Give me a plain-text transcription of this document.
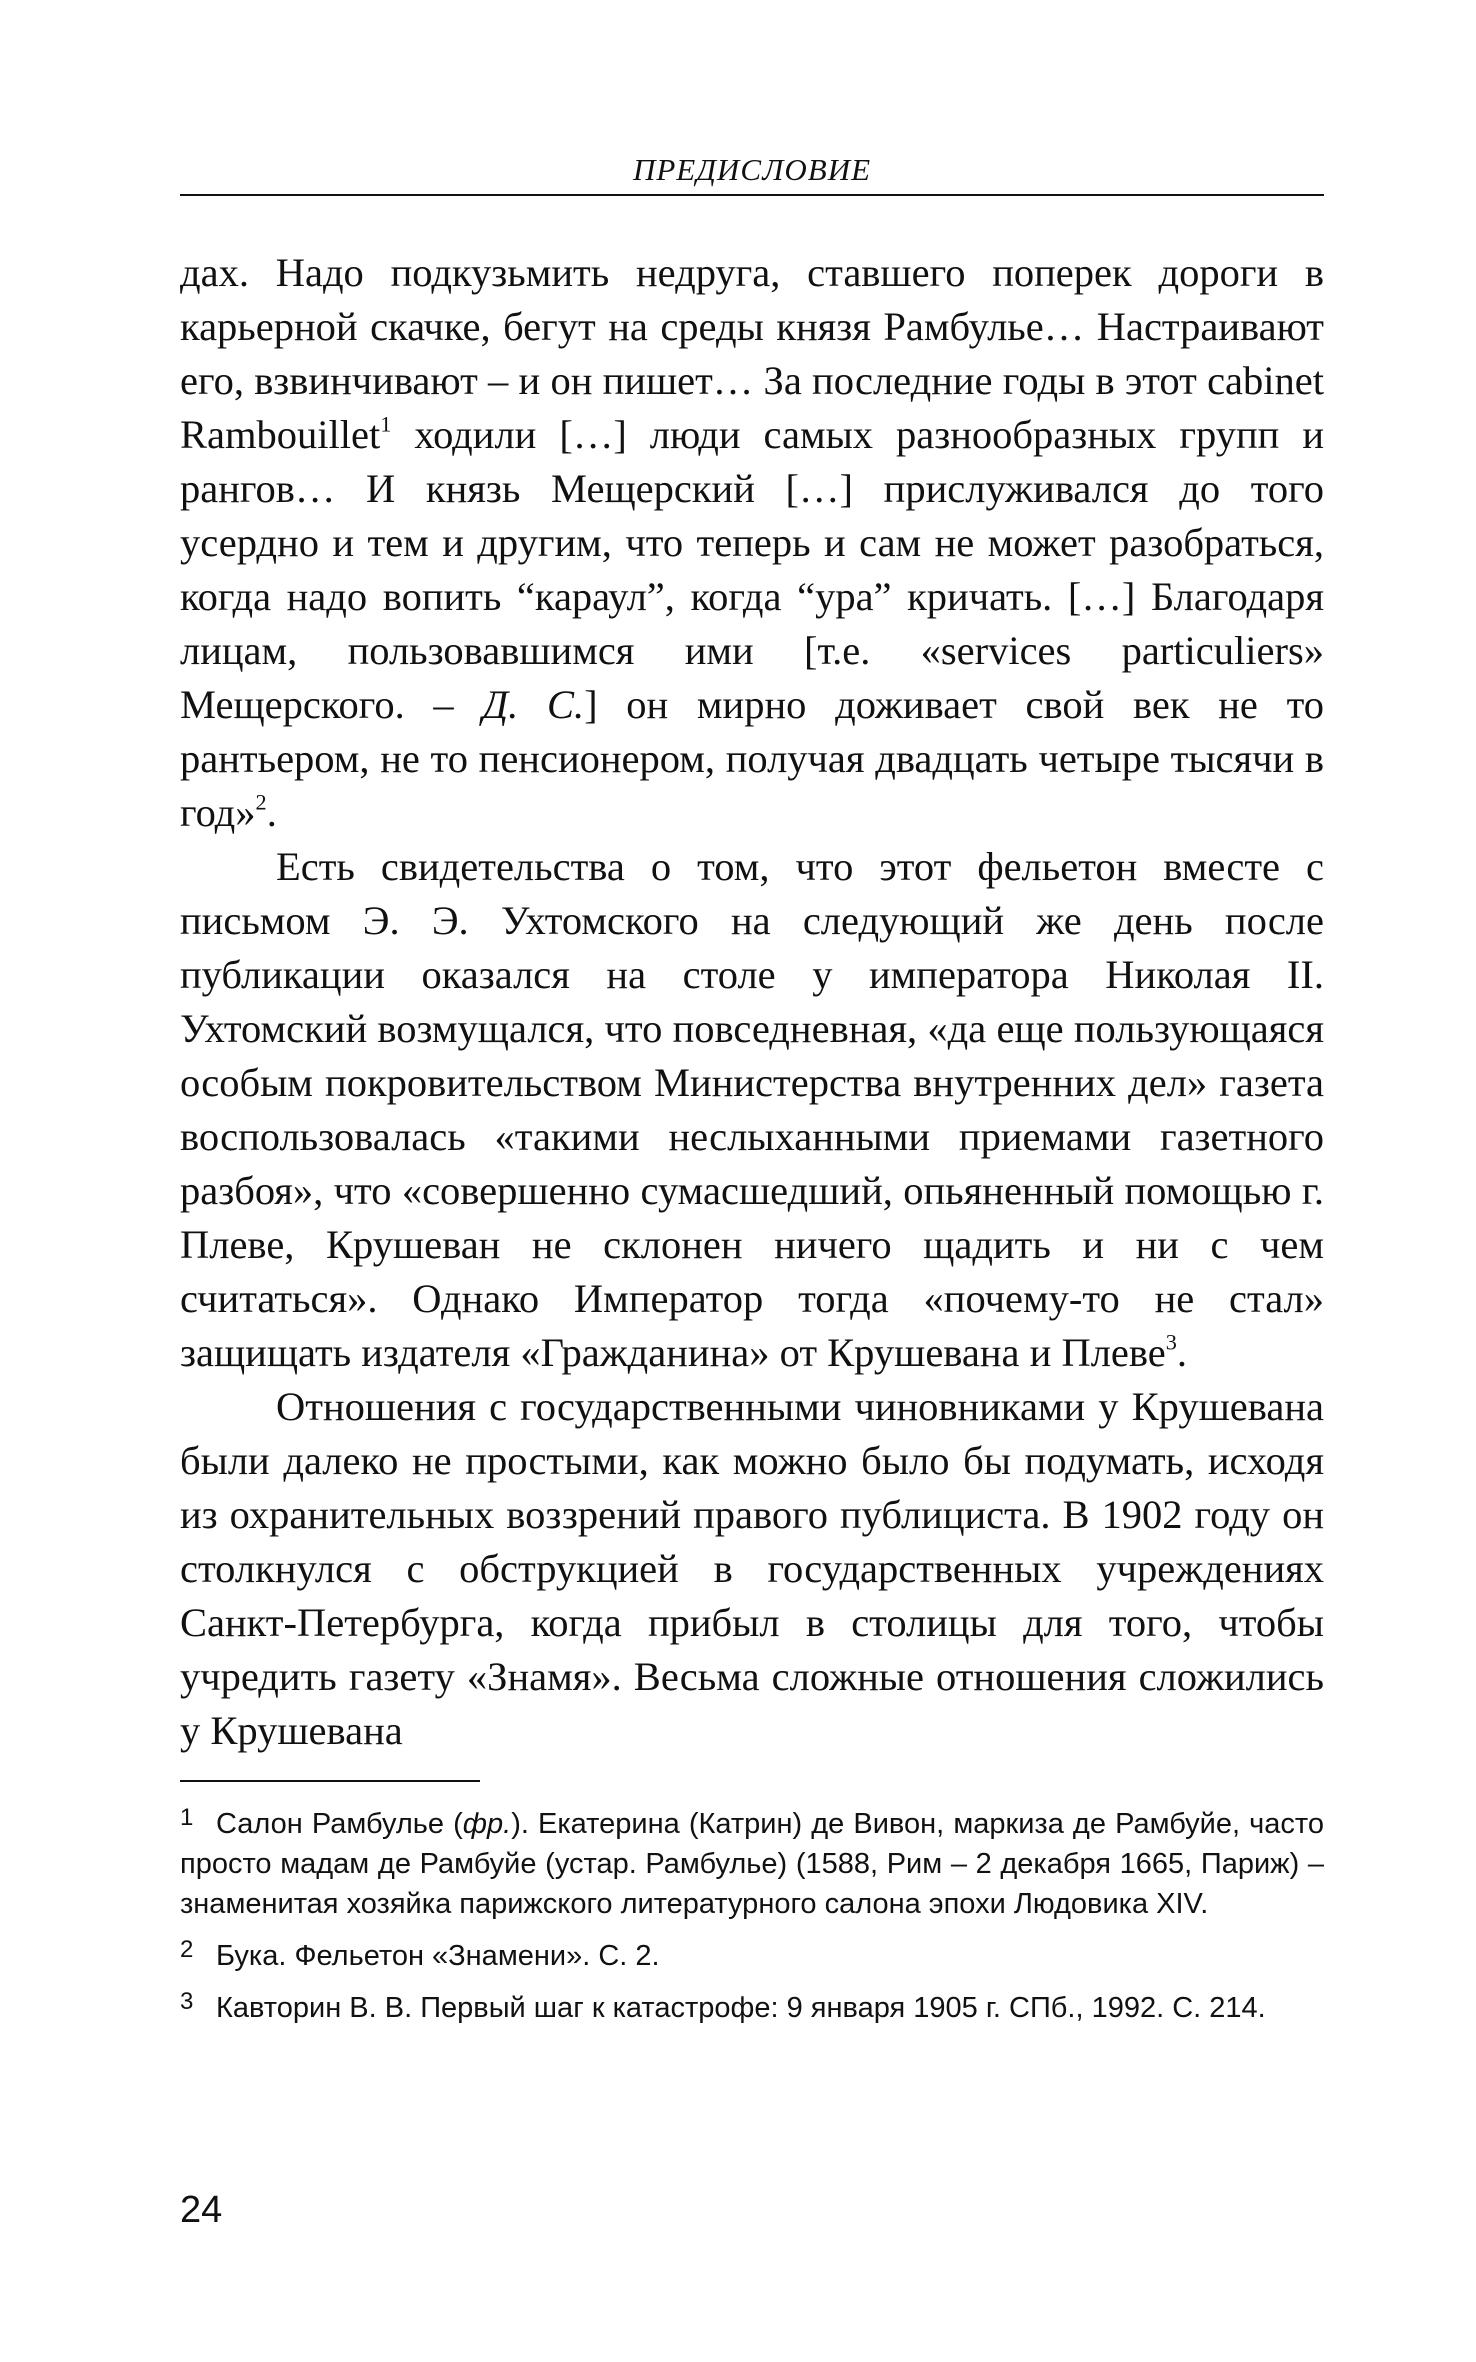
ПРЕДИСЛОВИЕ

дах. Надо подкузьмить недруга, ставшего поперек дороги в карьерной скачке, бегут на среды князя Рамбулье… Настраивают его, взвинчивают – и он пишет… За последние годы в этот cabinet Rambouillet$^1$ ходили […] люди самых разнообразных групп и рангов… И князь Мещерский […] прислуживался до того усердно и тем и другим, что теперь и сам не может разобраться, когда надо вопить “караул”, когда “ура” кричать. […] Благодаря лицам, пользовавшимся ими [т.е. «services particuliers» Мещерского. – Д. С.] он мирно доживает свой век не то рантьером, не то пенсионером, получая двадцать четыре тысячи в год»$^2$.

Есть свидетельства о том, что этот фельетон вместе с письмом Э. Э. Ухтомского на следующий же день после публикации оказался на столе у императора Николая II. Ухтомский возмущался, что повседневная, «да еще пользующаяся особым покровительством Министерства внутренних дел» газета воспользовалась «такими неслыханными приемами газетного разбоя», что «совершенно сумасшедший, опьяненный помощью г. Плеве, Крушеван не склонен ничего щадить и ни с чем считаться». Однако Император тогда «почему-то не стал» защищать издателя «Гражданина» от Крушевана и Плеве$^3$.

Отношения с государственными чиновниками у Крушевана были далеко не простыми, как можно было бы подумать, исходя из охранительных воззрений правого публициста. В 1902 году он столкнулся с обструкцией в государственных учреждениях Санкт-Петербурга, когда прибыл в столицы для того, чтобы учредить газету «Знамя». Весьма сложные отношения сложились у Крушевана

1 Салон Рамбулье (фр.). Екатерина (Катрин) де Вивон, маркиза де Рамбуйе, часто просто мадам де Рамбуйе (устар. Рамбулье) (1588, Рим – 2 декабря 1665, Париж) – знаменитая хозяйка парижского литературного салона эпохи Людовика XIV.
2 Бука. Фельетон «Знамени». С. 2.
3 Кавторин В. В. Первый шаг к катастрофе: 9 января 1905 г. СПб., 1992. С. 214.
24
